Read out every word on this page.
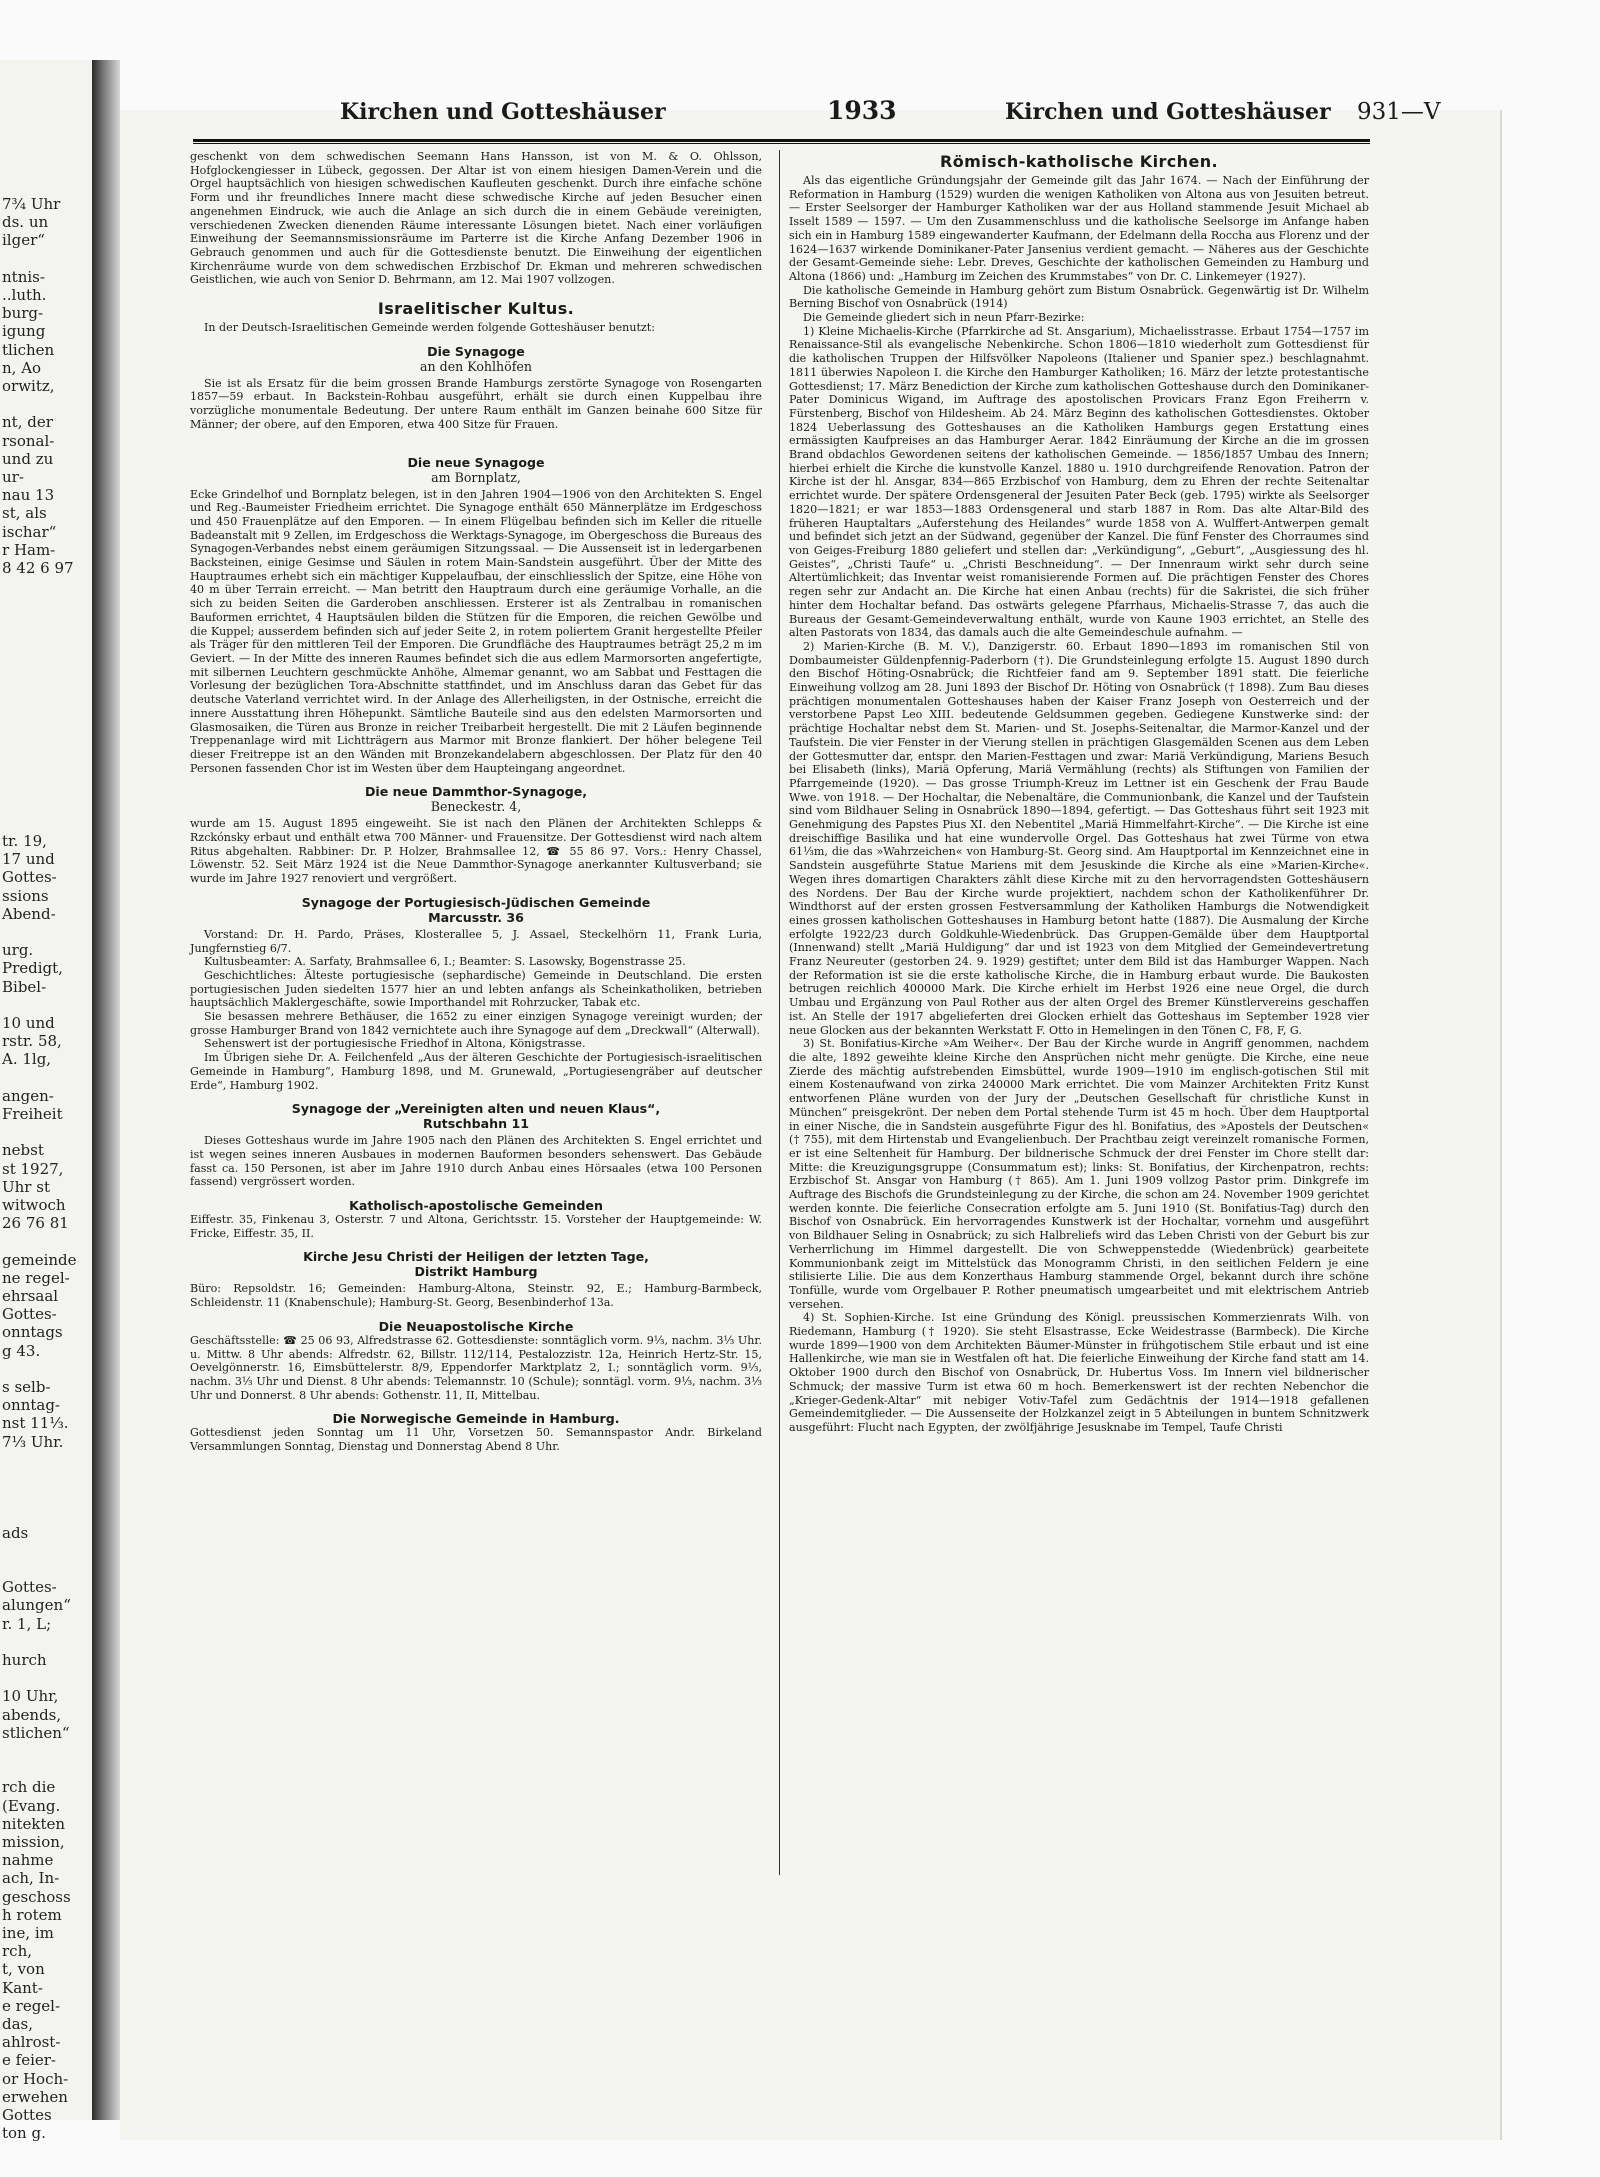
7¾ Uhr
ds. un
ilger“
ntnis-
..luth.
burg-
igung
tlichen
n, Ao
orwitz,
nt, der
rsonal-
und zu
ur-
nau 13
st, als
ischar“
r Ham-
8 42 6 97
tr. 19,
17 und
Gottes-
ssions
Abend-
urg.
Predigt,
Bibel-
10 und
rstr. 58,
A. 1lg,
angen-
Freiheit
nebst
st 1927,
Uhr st
witwoch
26 76 81
gemeinde
ne regel-
ehrsaal
Gottes-
onntags
g 43.
s selb-
onntag-
nst 11⅓.
7⅓ Uhr.
ads
Gottes-
alungen“
r. 1, L;
hurch
10 Uhr,
abends,
stlichen“
rch die
(Evang.
nitekten
mission,
nahme
ach, In-
geschoss
h rotem
ine, im
rch,
t, von
Kant-
e regel-
das,
ahlrost-
e feier-
or Hoch-
erwehen
Gottes
ton g.
Kirchen und Gotteshäuser	1933	Kirchen und Gotteshäuser 931—V

geschenkt von dem schwedischen Seemann Hans Hansson, ist von M. & O. Ohlsson, Hofglockengiesser in Lübeck, gegossen. Der Altar ist von einem hiesigen Damen-Verein und die Orgel hauptsächlich von hiesigen schwedischen Kaufleuten geschenkt. Durch ihre einfache schöne Form und ihr freundliches Innere macht diese schwedische Kirche auf jeden Besucher einen angenehmen Eindruck, wie auch die Anlage an sich durch die in einem Gebäude vereinigten, verschiedenen Zwecken dienenden Räume interessante Lösungen bietet. Nach einer vorläufigen Einweihung der Seemannsmissionsräume im Parterre ist die Kirche Anfang Dezember 1906 in Gebrauch genommen und auch für die Gottesdienste benutzt. Die Einweihung der eigentlichen Kirchenräume wurde von dem schwedischen Erzbischof Dr. Ekman und mehreren schwedischen Geistlichen, wie auch von Senior D. Behrmann, am 12. Mai 1907 vollzogen.

Israelitischer Kultus.

In der Deutsch-Israelitischen Gemeinde werden folgende Gotteshäuser benutzt:

Die Synagoge
an den Kohlhöfen

Sie ist als Ersatz für die beim grossen Brande Hamburgs zerstörte Synagoge von Rosengarten 1857—59 erbaut. In Backstein-Rohbau ausgeführt, erhält sie durch einen Kuppelbau ihre vorzügliche monumentale Bedeutung. Der untere Raum enthält im Ganzen beinahe 600 Sitze für Männer; der obere, auf den Emporen, etwa 400 Sitze für Frauen.

Die neue Synagoge
am Bornplatz,

Ecke Grindelhof und Bornplatz belegen, ist in den Jahren 1904—1906 von den Architekten S. Engel und Reg.-Baumeister Friedheim errichtet. Die Synagoge enthält 650 Männerplätze im Erdgeschoss und 450 Frauenplätze auf den Emporen. — In einem Flügelbau befinden sich im Keller die rituelle Badeanstalt mit 9 Zellen, im Erdgeschoss die Werktags-Synagoge, im Obergeschoss die Bureaus des Synagogen-Verbandes nebst einem geräumigen Sitzungssaal. — Die Aussenseit ist in ledergarbenen Backsteinen, einige Gesimse und Säulen in rotem Main-Sandstein ausgeführt. Über der Mitte des Hauptraumes erhebt sich ein mächtiger Kuppelaufbau, der einschliesslich der Spitze, eine Höhe von 40 m über Terrain erreicht. — Man betritt den Hauptraum durch eine geräumige Vorhalle, an die sich zu beiden Seiten die Garderoben anschliessen. Ersterer ist als Zentralbau in romanischen Bauformen errichtet, 4 Hauptsäulen bilden die Stützen für die Emporen, die reichen Gewölbe und die Kuppel; ausserdem befinden sich auf jeder Seite 2, in rotem poliertem Granit hergestellte Pfeiler als Träger für den mittleren Teil der Emporen. Die Grundfläche des Hauptraumes beträgt 25,2 m im Geviert. — In der Mitte des inneren Raumes befindet sich die aus edlem Marmorsorten angefertigte, mit silbernen Leuchtern geschmückte Anhöhe, Almemar genannt, wo am Sabbat und Festtagen die Vorlesung der bezüglichen Tora-Abschnitte stattfindet, und im Anschluss daran das Gebet für das deutsche Vaterland verrichtet wird. In der Anlage des Allerheiligsten, in der Ostnische, erreicht die innere Ausstattung ihren Höhepunkt. Sämtliche Bauteile sind aus den edelsten Marmorsorten und Glasmosaiken, die Türen aus Bronze in reicher Treibarbeit hergestellt. Die mit 2 Läufen beginnende Treppenanlage wird mit Lichtträgern aus Marmor mit Bronze flankiert. Der höher belegene Teil dieser Freitreppe ist an den Wänden mit Bronzekandelabern abgeschlossen. Der Platz für den 40 Personen fassenden Chor ist im Westen über dem Haupteingang angeordnet.

Die neue Dammthor-Synagoge,
Beneckestr. 4,

wurde am 15. August 1895 eingeweiht. Sie ist nach den Plänen der Architekten Schlepps & Rzckónsky erbaut und enthält etwa 700 Männer- und Frauensitze. Der Gottesdienst wird nach altem Ritus abgehalten. Rabbiner: Dr. P. Holzer, Brahmsallee 12, ☎ 55 86 97. Vors.: Henry Chassel, Löwenstr. 52. Seit März 1924 ist die Neue Dammthor-Synagoge anerkannter Kultusverband; sie wurde im Jahre 1927 renoviert und vergrößert.

Synagoge der Portugiesisch-Jüdischen Gemeinde
Marcusstr. 36

Vorstand: Dr. H. Pardo, Präses, Klosterallee 5, J. Assael, Steckelhörn 11, Frank Luria, Jungfernstieg 6/7.

Kultusbeamter: A. Sarfaty, Brahmsallee 6, I.; Beamter: S. Lasowsky, Bogenstrasse 25.

Geschichtliches: Älteste portugiesische (sephardische) Gemeinde in Deutschland. Die ersten portugiesischen Juden siedelten 1577 hier an und lebten anfangs als Scheinkatholiken, betrieben hauptsächlich Maklergeschäfte, sowie Importhandel mit Rohrzucker, Tabak etc.

Sie besassen mehrere Bethäuser, die 1652 zu einer einzigen Synagoge vereinigt wurden; der grosse Hamburger Brand von 1842 vernichtete auch ihre Synagoge auf dem „Dreckwall“ (Alterwall).

Sehenswert ist der portugiesische Friedhof in Altona, Königstrasse.

Im Übrigen siehe Dr. A. Feilchenfeld „Aus der älteren Geschichte der Portugiesisch-israelitischen Gemeinde in Hamburg“, Hamburg 1898, und M. Grunewald, „Portugiesengräber auf deutscher Erde“, Hamburg 1902.

Synagoge der „Vereinigten alten und neuen Klaus“,
Rutschbahn 11

Dieses Gotteshaus wurde im Jahre 1905 nach den Plänen des Architekten S. Engel errichtet und ist wegen seines inneren Ausbaues in modernen Bauformen besonders sehenswert. Das Gebäude fasst ca. 150 Personen, ist aber im Jahre 1910 durch Anbau eines Hörsaales (etwa 100 Personen fassend) vergrössert worden.

Katholisch-apostolische Gemeinden

Eiffestr. 35, Finkenau 3, Osterstr. 7 und Altona, Gerichtsstr. 15. Vorsteher der Hauptgemeinde: W. Fricke, Eiffestr. 35, II.

Kirche Jesu Christi der Heiligen der letzten Tage,
Distrikt Hamburg

Büro: Repsoldstr. 16; Gemeinden: Hamburg-Altona, Steinstr. 92, E.; Hamburg-Barmbeck, Schleidenstr. 11 (Knabenschule); Hamburg-St. Georg, Besenbinderhof 13a.

Die Neuapostolische Kirche

Geschäftsstelle: ☎ 25 06 93, Alfredstrasse 62. Gottesdienste: sonntäglich vorm. 9⅓, nachm. 3⅓ Uhr. u. Mittw. 8 Uhr abends: Alfredstr. 62, Billstr. 112/114, Pestalozzistr. 12a, Heinrich Hertz-Str. 15, Oevelgönnerstr. 16, Eimsbüttelerstr. 8/9, Eppendorfer Marktplatz 2, I.; sonntäglich vorm. 9⅓, nachm. 3⅓ Uhr und Dienst. 8 Uhr abends: Telemannstr. 10 (Schule); sonntägl. vorm. 9⅓, nachm. 3⅓ Uhr und Donnerst. 8 Uhr abends: Gothenstr. 11, II, Mittelbau.

Die Norwegische Gemeinde in Hamburg.

Gottesdienst jeden Sonntag um 11 Uhr, Vorsetzen 50. Semannspastor Andr. Birkeland Versammlungen Sonntag, Dienstag und Donnerstag Abend 8 Uhr.

Römisch-katholische Kirchen.

Als das eigentliche Gründungsjahr der Gemeinde gilt das Jahr 1674. — Nach der Einführung der Reformation in Hamburg (1529) wurden die wenigen Katholiken von Altona aus von Jesuiten betreut. — Erster Seelsorger der Hamburger Katholiken war der aus Holland stammende Jesuit Michael ab Isselt 1589 — 1597. — Um den Zusammenschluss und die katholische Seelsorge im Anfange haben sich ein in Hamburg 1589 eingewanderter Kaufmann, der Edelmann della Roccha aus Florenz und der 1624—1637 wirkende Dominikaner-Pater Jansenius verdient gemacht. — Näheres aus der Geschichte der Gesamt-Gemeinde siehe: Lebr. Dreves, Geschichte der katholischen Gemeinden zu Hamburg und Altona (1866) und: „Hamburg im Zeichen des Krummstabes“ von Dr. C. Linkemeyer (1927).

Die katholische Gemeinde in Hamburg gehört zum Bistum Osnabrück. Gegenwärtig ist Dr. Wilhelm Berning Bischof von Osnabrück (1914)

Die Gemeinde gliedert sich in neun Pfarr-Bezirke:

1) Kleine Michaelis-Kirche (Pfarrkirche ad St. Ansgarium), Michaelisstrasse. Erbaut 1754—1757 im Renaissance-Stil als evangelische Nebenkirche. Schon 1806—1810 wiederholt zum Gottesdienst für die katholischen Truppen der Hilfsvölker Napoleons (Italiener und Spanier spez.) beschlagnahmt. 1811 überwies Napoleon I. die Kirche den Hamburger Katholiken; 16. März der letzte protestantische Gottesdienst; 17. März Benediction der Kirche zum katholischen Gotteshause durch den Dominikaner-Pater Dominicus Wigand, im Auftrage des apostolischen Provicars Franz Egon Freiherrn v. Fürstenberg, Bischof von Hildesheim. Ab 24. März Beginn des katholischen Gottesdienstes. Oktober 1824 Ueberlassung des Gotteshauses an die Katholiken Hamburgs gegen Erstattung eines ermässigten Kaufpreises an das Hamburger Aerar. 1842 Einräumung der Kirche an die im grossen Brand obdachlos Gewordenen seitens der katholischen Gemeinde. — 1856/1857 Umbau des Innern; hierbei erhielt die Kirche die kunstvolle Kanzel. 1880 u. 1910 durchgreifende Renovation. Patron der Kirche ist der hl. Ansgar, 834—865 Erzbischof von Hamburg, dem zu Ehren der rechte Seitenaltar errichtet wurde. Der spätere Ordensgeneral der Jesuiten Pater Beck (geb. 1795) wirkte als Seelsorger 1820—1821; er war 1853—1883 Ordensgeneral und starb 1887 in Rom. Das alte Altar-Bild des früheren Hauptaltars „Auferstehung des Heilandes“ wurde 1858 von A. Wulffert-Antwerpen gemalt und befindet sich jetzt an der Südwand, gegenüber der Kanzel. Die fünf Fenster des Chorraumes sind von Geiges-Freiburg 1880 geliefert und stellen dar: „Verkündigung“, „Geburt“, „Ausgiessung des hl. Geistes“, „Christi Taufe“ u. „Christi Beschneidung“. — Der Innenraum wirkt sehr durch seine Altertümlichkeit; das Inventar weist romanisierende Formen auf. Die prächtigen Fenster des Chores regen sehr zur Andacht an. Die Kirche hat einen Anbau (rechts) für die Sakristei, die sich früher hinter dem Hochaltar befand. Das ostwärts gelegene Pfarrhaus, Michaelis-Strasse 7, das auch die Bureaus der Gesamt-Gemeindeverwaltung enthält, wurde von Kaune 1903 errichtet, an Stelle des alten Pastorats von 1834, das damals auch die alte Gemeindeschule aufnahm. —

2) Marien-Kirche (B. M. V.), Danzigerstr. 60. Erbaut 1890—1893 im romanischen Stil von Dombaumeister Güldenpfennig-Paderborn (†). Die Grundsteinlegung erfolgte 15. August 1890 durch den Bischof Höting-Osnabrück; die Richtfeier fand am 9. September 1891 statt. Die feierliche Einweihung vollzog am 28. Juni 1893 der Bischof Dr. Höting von Osnabrück († 1898). Zum Bau dieses prächtigen monumentalen Gotteshauses haben der Kaiser Franz Joseph von Oesterreich und der verstorbene Papst Leo XIII. bedeutende Geldsummen gegeben. Gediegene Kunstwerke sind: der prächtige Hochaltar nebst dem St. Marien- und St. Josephs-Seitenaltar, die Marmor-Kanzel und der Taufstein. Die vier Fenster in der Vierung stellen in prächtigen Glasgemälden Scenen aus dem Leben der Gottesmutter dar, entspr. den Marien-Festtagen und zwar: Mariä Verkündigung, Mariens Besuch bei Elisabeth (links), Mariä Opferung, Mariä Vermählung (rechts) als Stiftungen von Familien der Pfarrgemeinde (1920). — Das grosse Triumph-Kreuz im Lettner ist ein Geschenk der Frau Baude Wwe. von 1918. — Der Hochaltar, die Nebenaltäre, die Communionbank, die Kanzel und der Taufstein sind vom Bildhauer Seling in Osnabrück 1890—1894, gefertigt. — Das Gotteshaus führt seit 1923 mit Genehmigung des Papstes Pius XI. den Nebentitel „Mariä Himmelfahrt-Kirche“. — Die Kirche ist eine dreischiffige Basilika und hat eine wundervolle Orgel. Das Gotteshaus hat zwei Türme von etwa 61⅓m, die das »Wahrzeichen« von Hamburg-St. Georg sind. Am Hauptportal im Kennzeichnet eine in Sandstein ausgeführte Statue Mariens mit dem Jesuskinde die Kirche als eine »Marien-Kirche«. Wegen ihres domartigen Charakters zählt diese Kirche mit zu den hervorragendsten Gotteshäusern des Nordens. Der Bau der Kirche wurde projektiert, nachdem schon der Katholikenführer Dr. Windthorst auf der ersten grossen Festversammlung der Katholiken Hamburgs die Notwendigkeit eines grossen katholischen Gotteshauses in Hamburg betont hatte (1887). Die Ausmalung der Kirche erfolgte 1922/23 durch Goldkuhle-Wiedenbrück. Das Gruppen-Gemälde über dem Hauptportal (Innenwand) stellt „Mariä Huldigung“ dar und ist 1923 von dem Mitglied der Gemeindevertretung Franz Neureuter (gestorben 24. 9. 1929) gestiftet; unter dem Bild ist das Hamburger Wappen. Nach der Reformation ist sie die erste katholische Kirche, die in Hamburg erbaut wurde. Die Baukosten betrugen reichlich 400000 Mark. Die Kirche erhielt im Herbst 1926 eine neue Orgel, die durch Umbau und Ergänzung von Paul Rother aus der alten Orgel des Bremer Künstlervereins geschaffen ist. An Stelle der 1917 abgelieferten drei Glocken erhielt das Gotteshaus im September 1928 vier neue Glocken aus der bekannten Werkstatt F. Otto in Hemelingen in den Tönen C, F8, F, G.

3) St. Bonifatius-Kirche »Am Weiher«. Der Bau der Kirche wurde in Angriff genommen, nachdem die alte, 1892 geweihte kleine Kirche den Ansprüchen nicht mehr genügte. Die Kirche, eine neue Zierde des mächtig aufstrebenden Eimsbüttel, wurde 1909—1910 im englisch-gotischen Stil mit einem Kostenaufwand von zirka 240000 Mark errichtet. Die vom Mainzer Architekten Fritz Kunst entworfenen Pläne wurden von der Jury der „Deutschen Gesellschaft für christliche Kunst in München“ preisgekrönt. Der neben dem Portal stehende Turm ist 45 m hoch. Über dem Hauptportal in einer Nische, die in Sandstein ausgeführte Figur des hl. Bonifatius, des »Apostels der Deutschen« († 755), mit dem Hirtenstab und Evangelienbuch. Der Prachtbau zeigt vereinzelt romanische Formen, er ist eine Seltenheit für Hamburg. Der bildnerische Schmuck der drei Fenster im Chore stellt dar: Mitte: die Kreuzigungsgruppe (Consummatum est); links: St. Bonifatius, der Kirchenpatron, rechts: Erzbischof St. Ansgar von Hamburg († 865). Am 1. Juni 1909 vollzog Pastor prim. Dinkgrefe im Auftrage des Bischofs die Grundsteinlegung zu der Kirche, die schon am 24. November 1909 gerichtet werden konnte. Die feierliche Consecration erfolgte am 5. Juni 1910 (St. Bonifatius-Tag) durch den Bischof von Osnabrück. Ein hervorragendes Kunstwerk ist der Hochaltar, vornehm und ausgeführt von Bildhauer Seling in Osnabrück; zu sich Halbreliefs wird das Leben Christi von der Geburt bis zur Verherrlichung im Himmel dargestellt. Die von Schweppenstedde (Wiedenbrück) gearbeitete Kommunionbank zeigt im Mittelstück das Monogramm Christi, in den seitlichen Feldern je eine stilisierte Lilie. Die aus dem Konzerthaus Hamburg stammende Orgel, bekannt durch ihre schöne Tonfülle, wurde vom Orgelbauer P. Rother pneumatisch umgearbeitet und mit elektrischem Antrieb versehen.

4) St. Sophien-Kirche. Ist eine Gründung des Königl. preussischen Kommerzienrats Wilh. von Riedemann, Hamburg († 1920). Sie steht Elsastrasse, Ecke Weidestrasse (Barmbeck). Die Kirche wurde 1899—1900 von dem Architekten Bäumer-Münster in frühgotischem Stile erbaut und ist eine Hallenkirche, wie man sie in Westfalen oft hat. Die feierliche Einweihung der Kirche fand statt am 14. Oktober 1900 durch den Bischof von Osnabrück, Dr. Hubertus Voss. Im Innern viel bildnerischer Schmuck; der massive Turm ist etwa 60 m hoch. Bemerkenswert ist der rechten Nebenchor die „Krieger-Gedenk-Altar“ mit nebiger Votiv-Tafel zum Gedächtnis der 1914—1918 gefallenen Gemeindemitglieder. — Die Aussenseite der Holzkanzel zeigt in 5 Abteilungen in buntem Schnitzwerk ausgeführt: Flucht nach Egypten, der zwölfjährige Jesusknabe im Tempel, Taufe Christi
